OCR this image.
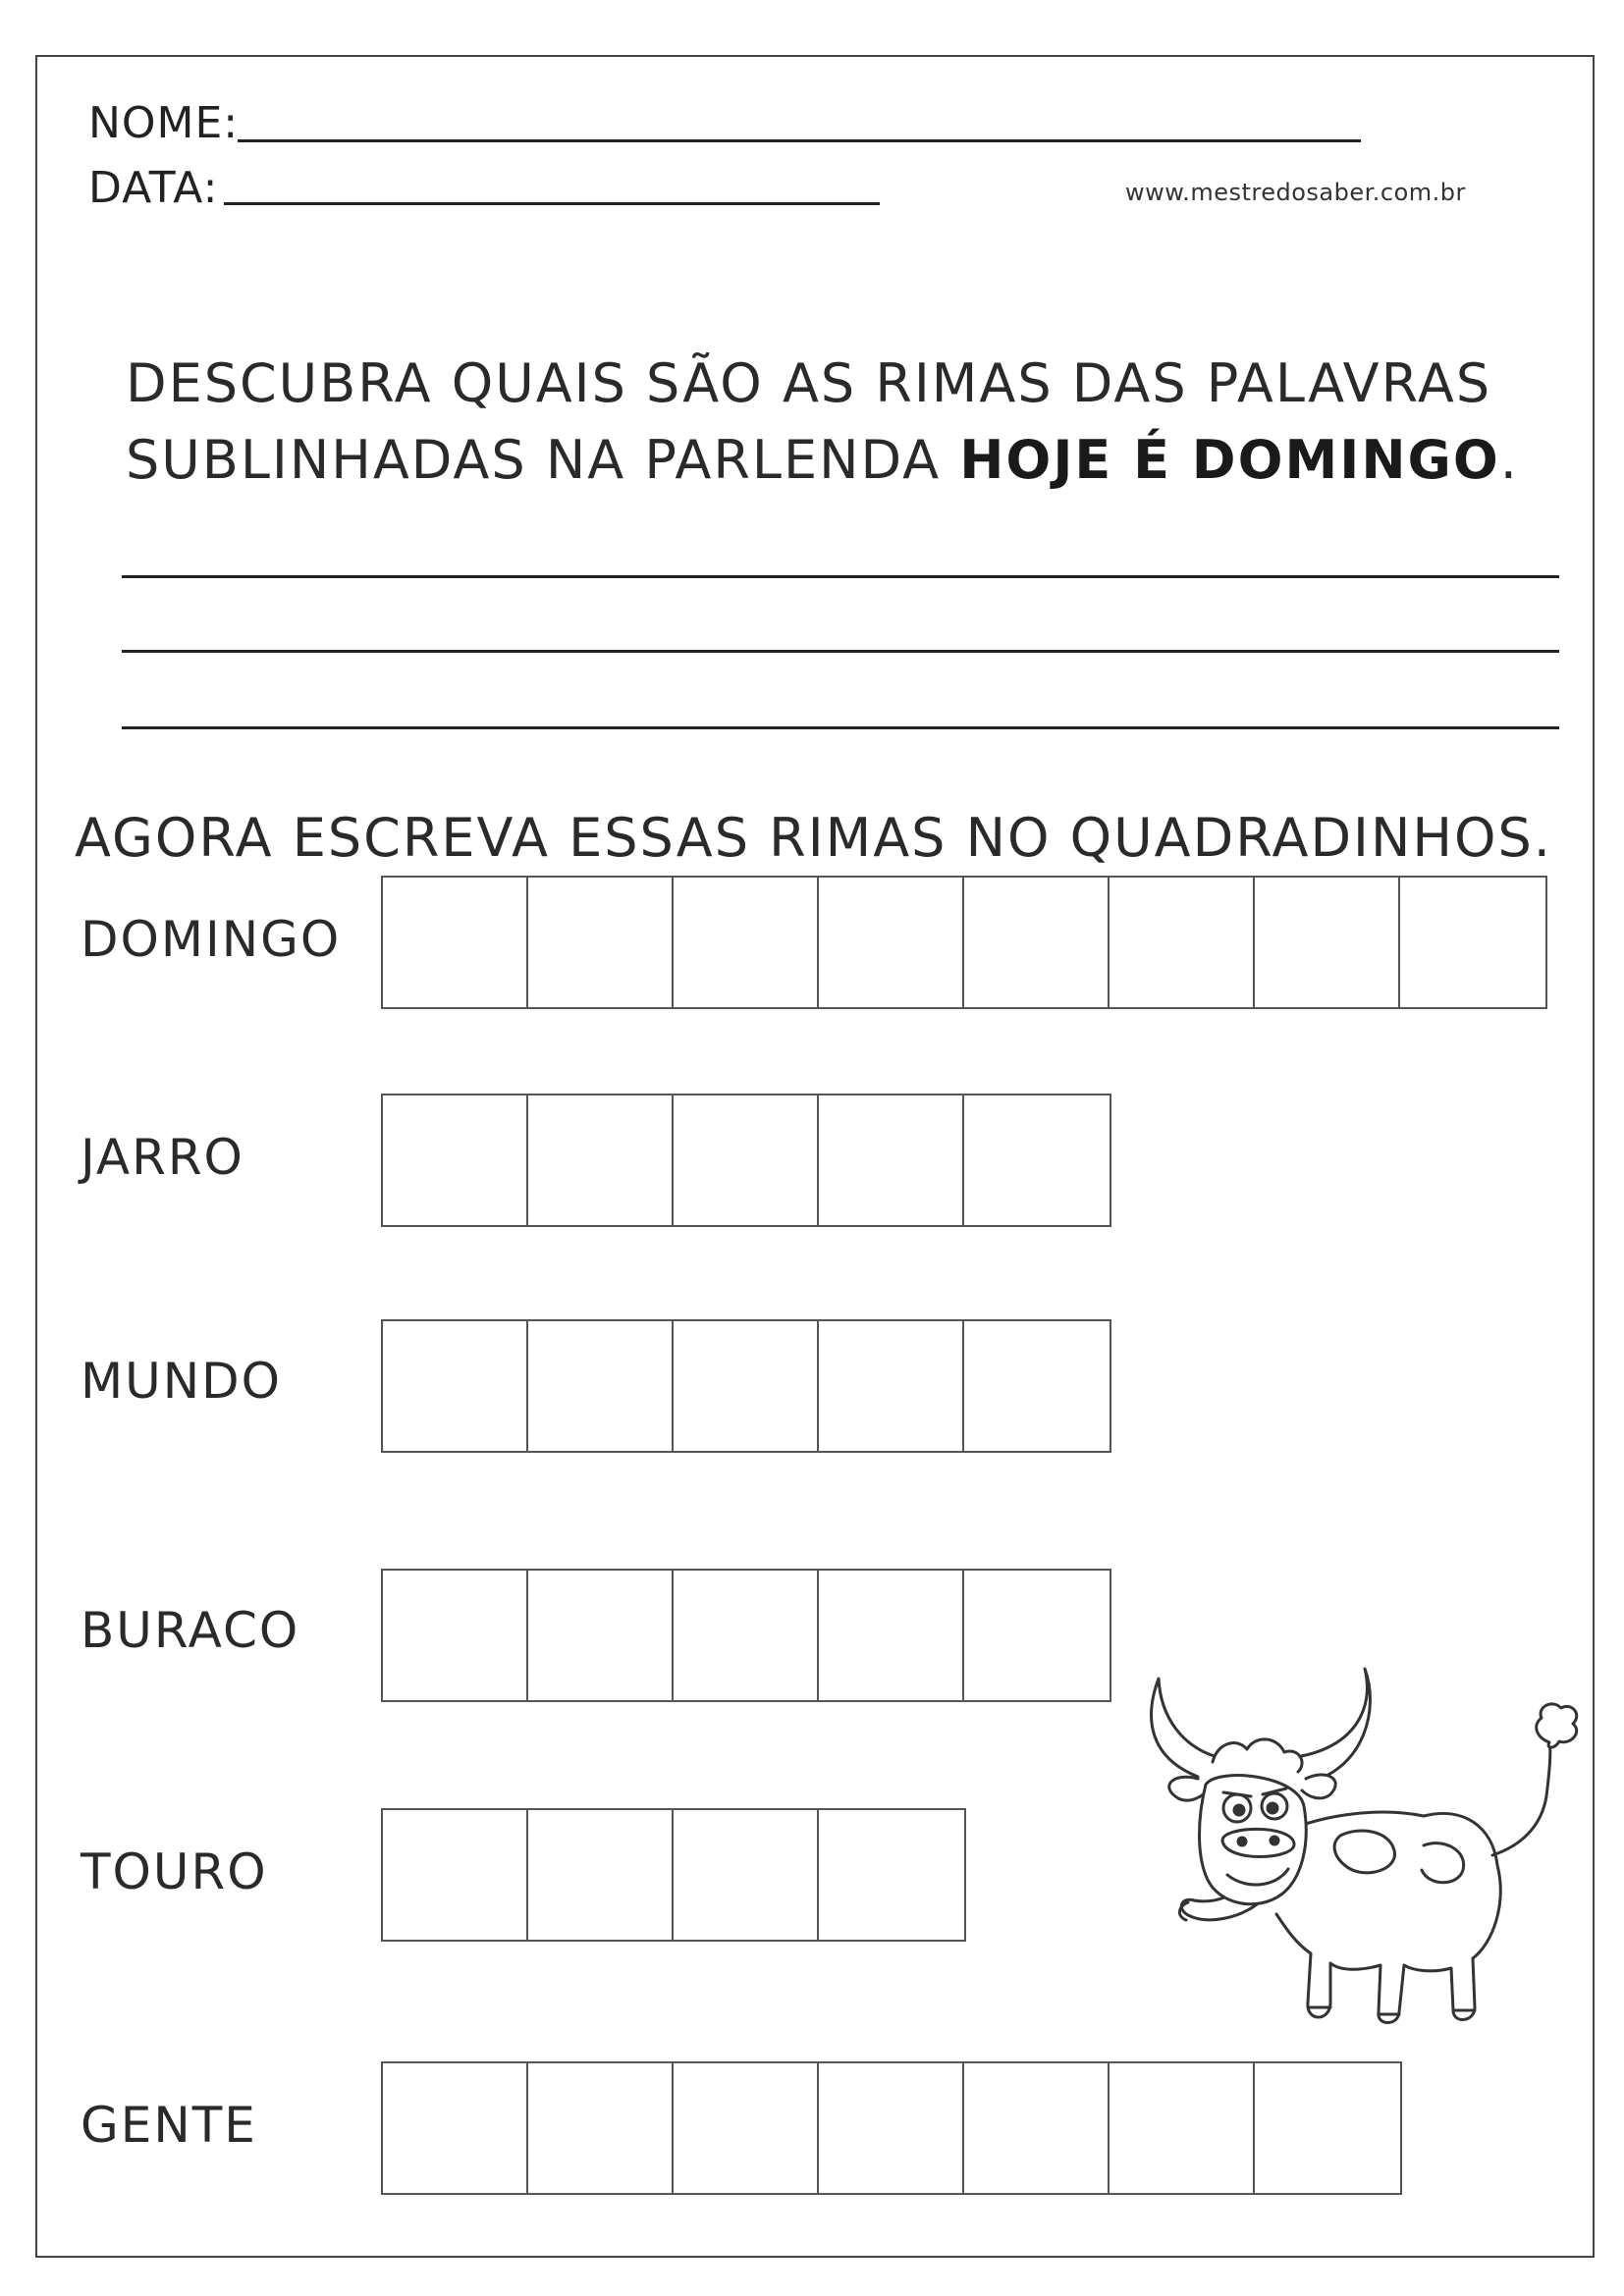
NOME:
DATA:	www.mestredosaber.com.br
DESCUBRA QUAIS SÃO AS RIMAS DAS PALAVRAS
SUBLINHADAS NA PARLENDA HOJE É DOMINGO.
AGORA ESCREVA ESSAS RIMAS NO QUADRADINHOS.
DOMINGO
JARRO
MUNDO
BURACO
TOURO
GENTE
